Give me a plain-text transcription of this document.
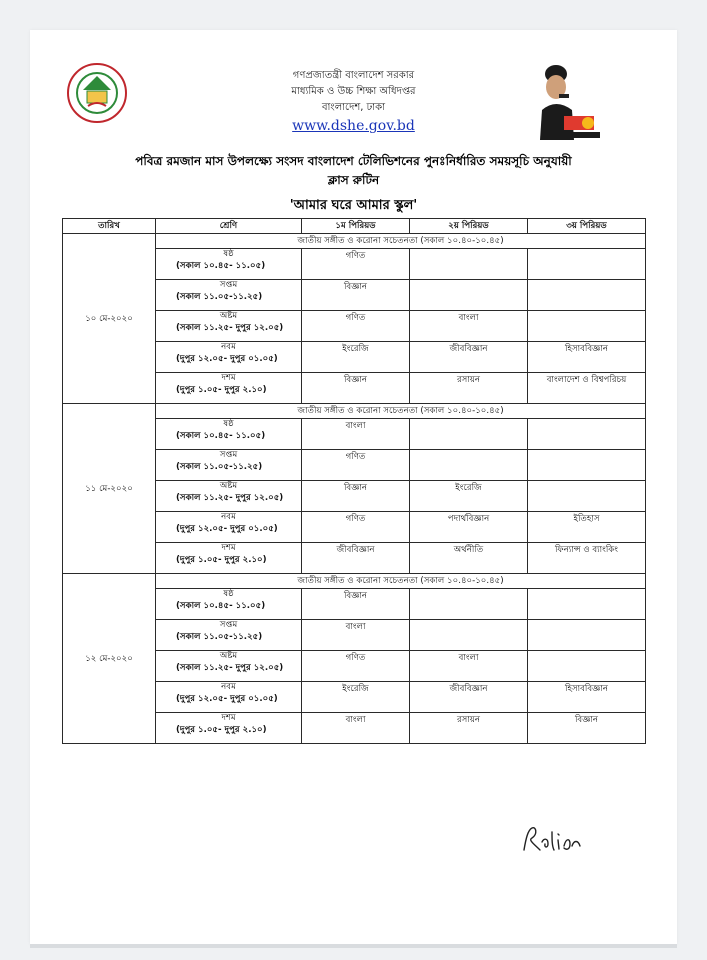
গণপ্রজাতন্ত্রী বাংলাদেশ সরকার
মাধ্যমিক ও উচ্চ শিক্ষা অধিদপ্তর
বাংলাদেশ, ঢাকা
www.dshe.gov.bd
পবিত্র রমজান মাস উপলক্ষ্যে সংসদ বাংলাদেশ টেলিভিশনের পুনঃনির্ধারিত সময়সূচি অনুযায়ী
ক্লাস রুটিন
'আমার ঘরে আমার স্কুল'
তারিখ	শ্রেণি	১ম পিরিয়ড	২য় পিরিয়ড	৩য় পিরিয়ড
১০ মে-২০২০	জাতীয় সঙ্গীত ও করোনা সচেতনতা (সকাল ১০.৪০-১০.৪৫)			

	ষষ্ঠ
(সকাল ১০.৪৫- ১১.০৫)	গণিত		

	সপ্তম
(সকাল ১১.০৫-১১.২৫)	বিজ্ঞান		

	অষ্টম
(সকাল ১১.২৫- দুপুর ১২.০৫)	গণিত	বাংলা	

	নবম
(দুপুর ১২.০৫- দুপুর ০১.০৫)	ইংরেজি	জীববিজ্ঞান	হিসাববিজ্ঞান

	দশম
(দুপুর ১.০৫- দুপুর ২.১০)	বিজ্ঞান	রসায়ন	বাংলাদেশ ও বিশ্বপরিচয়
১১ মে-২০২০	জাতীয় সঙ্গীত ও করোনা সচেতনতা (সকাল ১০.৪০-১০.৪৫)			

	ষষ্ঠ
(সকাল ১০.৪৫- ১১.০৫)	বাংলা		

	সপ্তম
(সকাল ১১.০৫-১১.২৫)	গণিত		

	অষ্টম
(সকাল ১১.২৫- দুপুর ১২.০৫)	বিজ্ঞান	ইংরেজি	

	নবম
(দুপুর ১২.০৫- দুপুর ০১.০৫)	গণিত	পদার্থবিজ্ঞান	ইতিহাস

	দশম
(দুপুর ১.০৫- দুপুর ২.১০)	জীববিজ্ঞান	অর্থনীতি	ফিন্যান্স ও ব্যাংকিং
১২ মে-২০২০	জাতীয় সঙ্গীত ও করোনা সচেতনতা (সকাল ১০.৪০-১০.৪৫)			

	ষষ্ঠ
(সকাল ১০.৪৫- ১১.০৫)	বিজ্ঞান		

	সপ্তম
(সকাল ১১.০৫-১১.২৫)	বাংলা		

	অষ্টম
(সকাল ১১.২৫- দুপুর ১২.০৫)	গণিত	বাংলা	

	নবম
(দুপুর ১২.০৫- দুপুর ০১.০৫)	ইংরেজি	জীববিজ্ঞান	হিসাববিজ্ঞান

	দশম
(দুপুর ১.০৫- দুপুর ২.১০)	বাংলা	রসায়ন	বিজ্ঞান
